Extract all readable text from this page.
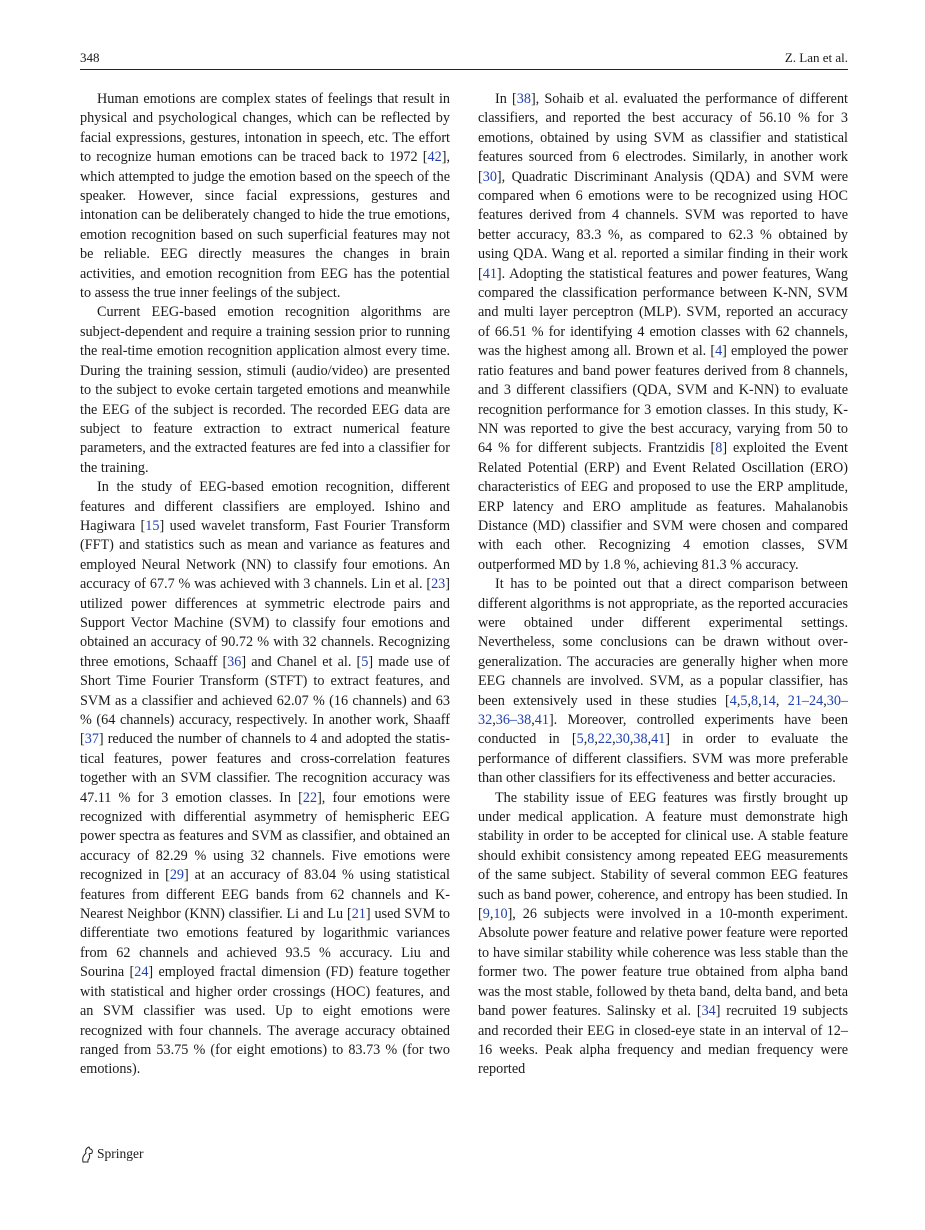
348	Z. Lan et al.

Human emotions are complex states of feelings that result in physical and psychological changes, which can be reflected by facial expressions, gestures, intonation in speech, etc. The effort to recognize human emotions can be traced back to 1972 [42], which attempted to judge the emotion based on the speech of the speaker. However, since facial expressions, gestures and intonation can be deliberately changed to hide the true emotions, emotion recognition based on such superficial features may not be reliable. EEG directly measures the changes in brain activities, and emotion recognition from EEG has the potential to assess the true inner feelings of the subject.

Current EEG-based emotion recognition algorithms are subject-dependent and require a training session prior to running the real-time emotion recognition application almost every time. During the training session, stimuli (audio/video) are presented to the subject to evoke certain targeted emotions and meanwhile the EEG of the subject is recorded. The recorded EEG data are subject to feature extraction to extract numerical feature parameters, and the extracted features are fed into a classifier for the training.

In the study of EEG-based emotion recognition, different features and different classifiers are employed. Ishino and Hagiwara [15] used wavelet transform, Fast Fourier Transform (FFT) and statistics such as mean and variance as features and employed Neural Network (NN) to classify four emotions. An accuracy of 67.7 % was achieved with 3 channels. Lin et al. [23] utilized power differences at symmetric electrode pairs and Support Vector Machine (SVM) to classify four emotions and obtained an accuracy of 90.72 % with 32 channels. Recognizing three emotions, Schaaff [36] and Chanel et al. [5] made use of Short Time Fourier Transform (STFT) to extract features, and SVM as a classifier and achieved 62.07 % (16 channels) and 63 % (64 channels) accuracy, respectively. In another work, Shaaff [37] reduced the number of channels to 4 and adopted the statistical features, power features and cross-correlation features together with an SVM classifier. The recognition accuracy was 47.11 % for 3 emotion classes. In [22], four emotions were recognized with differential asymmetry of hemispheric EEG power spectra as features and SVM as classifier, and obtained an accuracy of 82.29 % using 32 channels. Five emotions were recognized in [29] at an accuracy of 83.04 % using statistical features from different EEG bands from 62 channels and K-Nearest Neighbor (KNN) classifier. Li and Lu [21] used SVM to differentiate two emotions featured by logarithmic variances from 62 channels and achieved 93.5 % accuracy. Liu and Sourina [24] employed fractal dimension (FD) feature together with statistical and higher order crossings (HOC) features, and an SVM classifier was used. Up to eight emotions were recognized with four channels. The average accuracy obtained ranged from 53.75 % (for eight emotions) to 83.73 % (for two emotions).

In [38], Sohaib et al. evaluated the performance of different classifiers, and reported the best accuracy of 56.10 % for 3 emotions, obtained by using SVM as classifier and statistical features sourced from 6 electrodes. Similarly, in another work [30], Quadratic Discriminant Analysis (QDA) and SVM were compared when 6 emotions were to be recognized using HOC features derived from 4 channels. SVM was reported to have better accuracy, 83.3 %, as compared to 62.3 % obtained by using QDA. Wang et al. reported a similar finding in their work [41]. Adopting the statistical features and power features, Wang compared the classification performance between K-NN, SVM and multi layer perceptron (MLP). SVM, reported an accuracy of 66.51 % for identifying 4 emotion classes with 62 channels, was the highest among all. Brown et al. [4] employed the power ratio features and band power features derived from 8 channels, and 3 different classifiers (QDA, SVM and K-NN) to evaluate recognition performance for 3 emotion classes. In this study, K-NN was reported to give the best accuracy, varying from 50 to 64 % for different subjects. Frantzidis [8] exploited the Event Related Potential (ERP) and Event Related Oscillation (ERO) characteristics of EEG and proposed to use the ERP amplitude, ERP latency and ERO amplitude as features. Mahalanobis Distance (MD) classifier and SVM were chosen and compared with each other. Recognizing 4 emotion classes, SVM outperformed MD by 1.8 %, achieving 81.3 % accuracy.

It has to be pointed out that a direct comparison between different algorithms is not appropriate, as the reported accuracies were obtained under different experimental settings. Nevertheless, some conclusions can be drawn without overgeneralization. The accuracies are generally higher when more EEG channels are involved. SVM, as a popular classifier, has been extensively used in these studies [4,5,8,14, 21–24,30–32,36–38,41]. Moreover, controlled experiments have been conducted in [5,8,22,30,38,41] in order to evaluate the performance of different classifiers. SVM was more preferable than other classifiers for its effectiveness and better accuracies.

The stability issue of EEG features was firstly brought up under medical application. A feature must demonstrate high stability in order to be accepted for clinical use. A stable feature should exhibit consistency among repeated EEG measurements of the same subject. Stability of several common EEG features such as band power, coherence, and entropy has been studied. In [9,10], 26 subjects were involved in a 10-month experiment. Absolute power feature and relative power feature were reported to have similar stability while coherence was less stable than the former two. The power feature true obtained from alpha band was the most stable, followed by theta band, delta band, and beta band power features. Salinsky et al. [34] recruited 19 subjects and recorded their EEG in closed-eye state in an interval of 12–16 weeks. Peak alpha frequency and median frequency were reported

Springer
